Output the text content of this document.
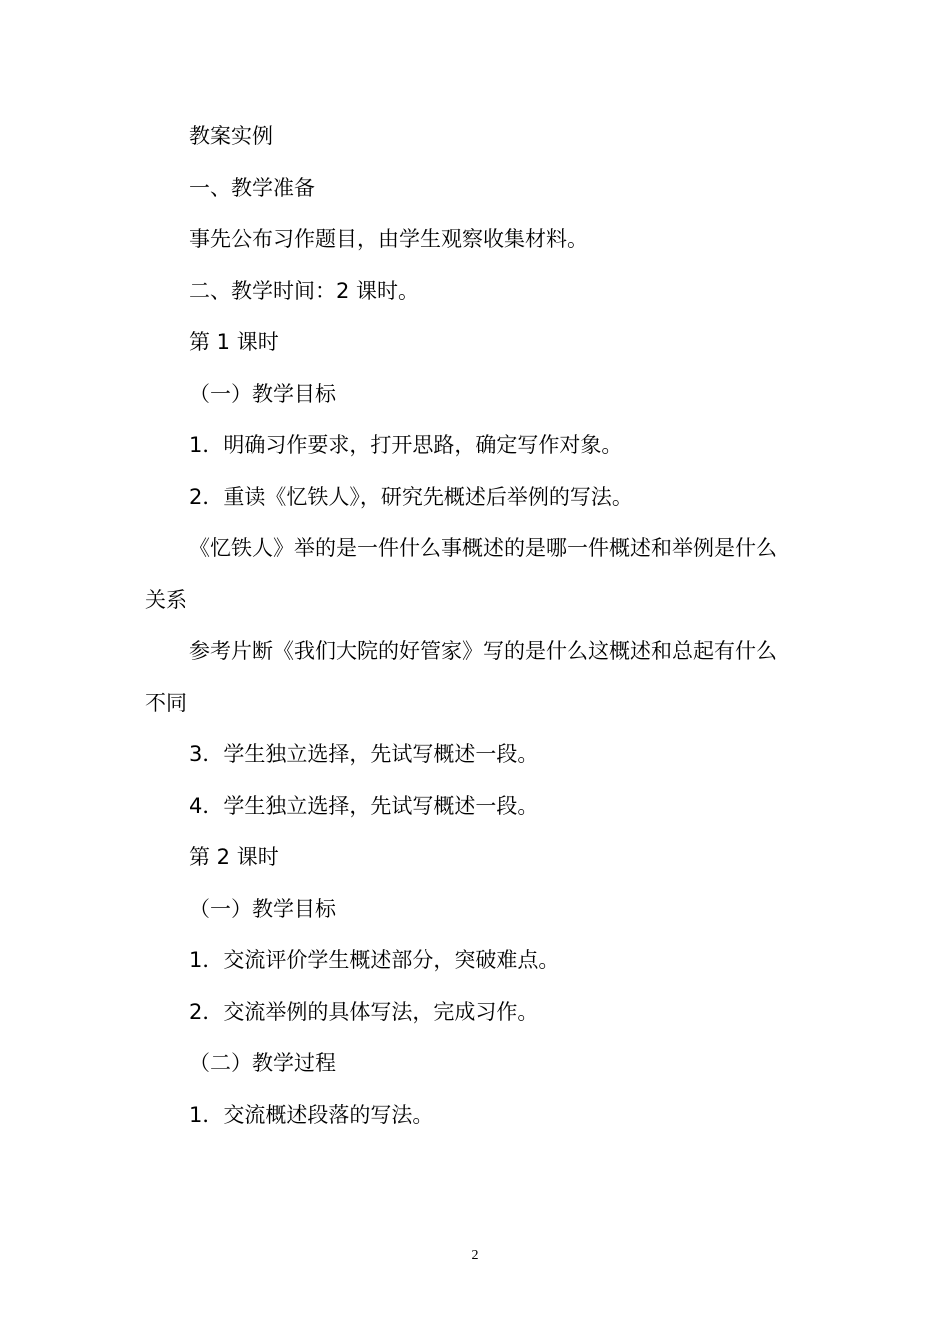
教案实例

一、教学准备

事先公布习作题目，由学生观察收集材料。

二、教学时间：2 课时。

第 1 课时

（一）教学目标

1．明确习作要求，打开思路，确定写作对象。

2．重读《忆铁人》，研究先概述后举例的写法。

《忆铁人》举的是一件什么事概述的是哪一件概述和举例是什么关系

参考片断《我们大院的好管家》写的是什么这概述和总起有什么不同

3．学生独立选择，先试写概述一段。

4．学生独立选择，先试写概述一段。

第 2 课时

（一）教学目标

1．交流评价学生概述部分，突破难点。

2．交流举例的具体写法，完成习作。

（二）教学过程

1．交流概述段落的写法。

2
